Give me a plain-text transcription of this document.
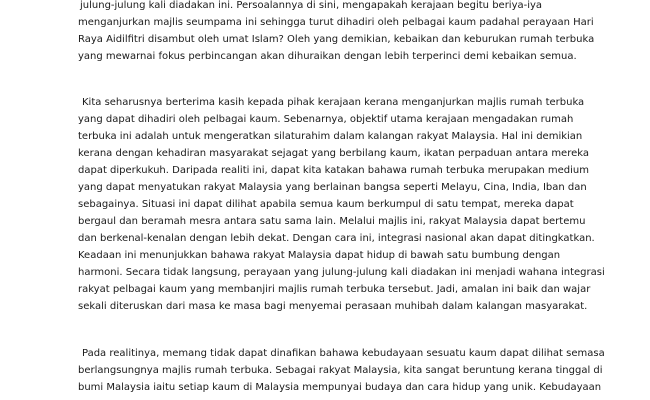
julung-julung kali diadakan ini. Persoalannya di sini, mengapakah kerajaan begitu beriya-iya
menganjurkan majlis seumpama ini sehingga turut dihadiri oleh pelbagai kaum padahal perayaan Hari
Raya Aidilfitri disambut oleh umat Islam? Oleh yang demikian, kebaikan dan keburukan rumah terbuka
yang mewarnai fokus perbincangan akan dihuraikan dengan lebih terperinci demi kebaikan semua.
Kita seharusnya berterima kasih kepada pihak kerajaan kerana menganjurkan majlis rumah terbuka
yang dapat dihadiri oleh pelbagai kaum. Sebenarnya, objektif utama kerajaan mengadakan rumah
terbuka ini adalah untuk mengeratkan silaturahim dalam kalangan rakyat Malaysia. Hal ini demikian
kerana dengan kehadiran masyarakat sejagat yang berbilang kaum, ikatan perpaduan antara mereka
dapat diperkukuh. Daripada realiti ini, dapat kita katakan bahawa rumah terbuka merupakan medium
yang dapat menyatukan rakyat Malaysia yang berlainan bangsa seperti Melayu, Cina, India, Iban dan
sebagainya. Situasi ini dapat dilihat apabila semua kaum berkumpul di satu tempat, mereka dapat
bergaul dan beramah mesra antara satu sama lain. Melalui majlis ini, rakyat Malaysia dapat bertemu
dan berkenal-kenalan dengan lebih dekat. Dengan cara ini, integrasi nasional akan dapat ditingkatkan.
Keadaan ini menunjukkan bahawa rakyat Malaysia dapat hidup di bawah satu bumbung dengan
harmoni. Secara tidak langsung, perayaan yang julung-julung kali diadakan ini menjadi wahana integrasi
rakyat pelbagai kaum yang membanjiri majlis rumah terbuka tersebut. Jadi, amalan ini baik dan wajar
sekali diteruskan dari masa ke masa bagi menyemai perasaan muhibah dalam kalangan masyarakat.
Pada realitinya, memang tidak dapat dinafikan bahawa kebudayaan sesuatu kaum dapat dilihat semasa
berlangsungnya majlis rumah terbuka. Sebagai rakyat Malaysia, kita sangat beruntung kerana tinggal di
bumi Malaysia iaitu setiap kaum di Malaysia mempunyai budaya dan cara hidup yang unik. Kebudayaan
